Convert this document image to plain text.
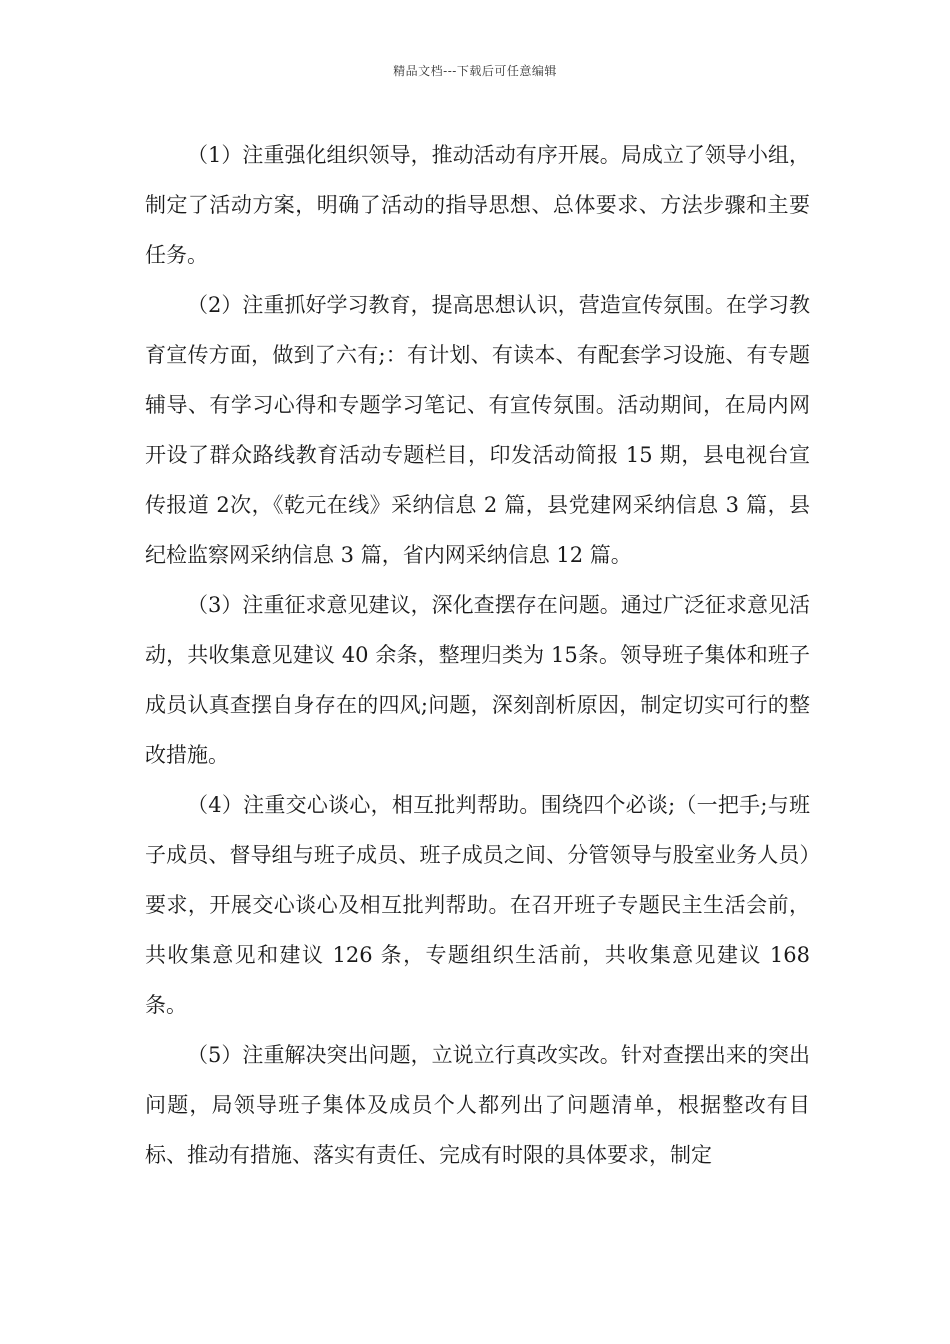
精品文档---下载后可任意编辑

（1）注重强化组织领导，推动活动有序开展。局成立了领导小组，制定了活动方案，明确了活动的指导思想、总体要求、方法步骤和主要任务。

（2）注重抓好学习教育，提高思想认识，营造宣传氛围。在学习教育宣传方面，做到了六有;：有计划、有读本、有配套学习设施、有专题辅导、有学习心得和专题学习笔记、有宣传氛围。活动期间，在局内网开设了群众路线教育活动专题栏目，印发活动简报 15 期，县电视台宣传报道 2次，《乾元在线》采纳信息 2 篇，县党建网采纳信息 3 篇，县纪检监察网采纳信息 3 篇，省内网采纳信息 12 篇。

（3）注重征求意见建议，深化查摆存在问题。通过广泛征求意见活动，共收集意见建议 40 余条，整理归类为 15条。领导班子集体和班子成员认真查摆自身存在的四风;问题，深刻剖析原因，制定切实可行的整改措施。

（4）注重交心谈心，相互批判帮助。围绕四个必谈;（一把手;与班子成员、督导组与班子成员、班子成员之间、分管领导与股室业务人员）要求，开展交心谈心及相互批判帮助。在召开班子专题民主生活会前，共收集意见和建议 126 条，专题组织生活前，共收集意见建议 168 条。

（5）注重解决突出问题，立说立行真改实改。针对查摆出来的突出问题，局领导班子集体及成员个人都列出了问题清单，根据整改有目标、推动有措施、落实有责任、完成有时限的具体要求，制定
